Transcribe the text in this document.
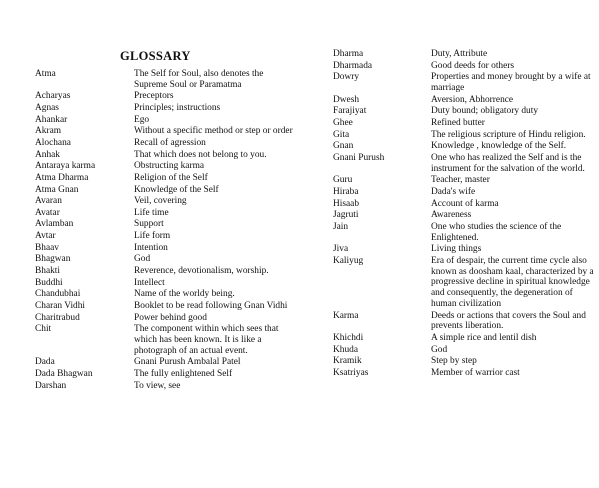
GLOSSARY
Atma	The Self for Soul, also denotes the Supreme Soul or Paramatma
Acharyas	Preceptors
Agnas	Principles; instructions
Ahankar	Ego
Akram	Without a specific method or step or order
Alochana	Recall of agression
Anhak	That which does not belong to you.
Antaraya karma	Obstructing karma
Atma Dharma	Religion of the Self
Atma Gnan	Knowledge of the Self
Avaran	Veil, covering
Avatar	Life time
Avlamban	Support
Avtar	Life form
Bhaav	Intention
Bhagwan	God
Bhakti	Reverence, devotionalism, worship.
Buddhi	Intellect
Chandubhai	Name of the worldy being.
Charan Vidhi	Booklet to be read following Gnan Vidhi
Charitrabud	Power behind good
Chit	The component within which sees that which has been known. It is like a photograph of an actual event.
Dada	Gnani Purush Ambalal Patel
Dada Bhagwan	The fully enlightened Self
Darshan	To view, see
Dharma	Duty, Attribute
Dharmada	Good deeds for others
Dowry	Properties and money brought by a wife at marriage
Dwesh	Aversion, Abhorrence
Farajiyat	Duty bound; obligatory duty
Ghee	Refined butter
Gita	The religious scripture of Hindu religion.
Gnan	Knowledge , knowledge of the Self.
Gnani Purush	One who has realized the Self and is the instrument for the salvation of the world.
Guru	Teacher, master
Hiraba	Dada's wife
Hisaab	Account of karma
Jagruti	Awareness
Jain	One who studies the science of the Enlightened.
Jiva	Living things
Kaliyug	Era of despair, the current time cycle also known as doosham kaal, characterized by a progressive decline in spiritual knowledge and consequently, the degeneration of human civilization
Karma	Deeds or actions that covers the Soul and prevents liberation.
Khichdi	A simple rice and lentil dish
Khuda	God
Kramik	Step by step
Ksatriyas	Member of warrior cast
